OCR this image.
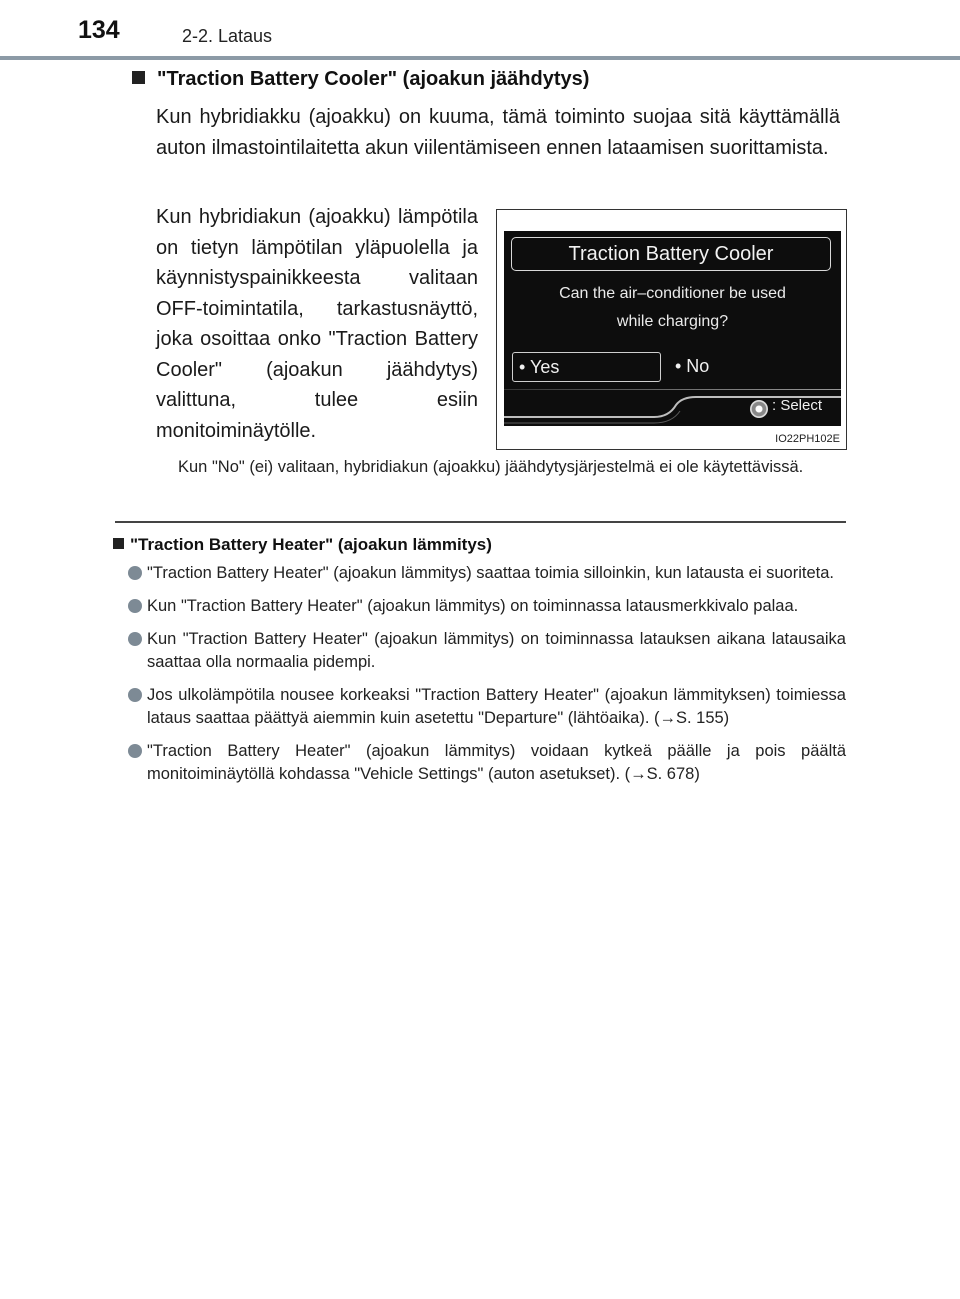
134	2-2. Lataus
"Traction Battery Cooler" (ajoakun jäähdytys)
Kun hybridiakku (ajoakku) on kuuma, tämä toiminto suojaa sitä käyttämällä auton ilmastointilaitetta akun viilentämiseen ennen lataamisen suorittamista.
Kun hybridiakun (ajoakku) lämpötila on tietyn lämpötilan yläpuolella ja käynnistyspainikkeesta valitaan OFF-toimintatila, tarkastusnäyttö, joka osoittaa onko "Traction Battery Cooler" (ajoakun jäähdytys) valittuna, tulee esiin monitoiminäytölle.
Traction Battery Cooler
Can the air–conditioner be used
while charging?
• Yes	• No
: Select
IO22PH102E
Kun "No" (ei) valitaan, hybridiakun (ajoakku) jäähdytysjärjestelmä ei ole käytettävissä.
"Traction Battery Heater" (ajoakun lämmitys)
"Traction Battery Heater" (ajoakun lämmitys) saattaa toimia silloinkin, kun latausta ei suoriteta.
Kun "Traction Battery Heater" (ajoakun lämmitys) on toiminnassa latausmerkkivalo palaa.
Kun "Traction Battery Heater" (ajoakun lämmitys) on toiminnassa latauksen aikana latausaika saattaa olla normaalia pidempi.
Jos ulkolämpötila nousee korkeaksi "Traction Battery Heater" (ajoakun lämmityksen) toimiessa lataus saattaa päättyä aiemmin kuin asetettu "Departure" (lähtöaika). (→S. 155)
"Traction Battery Heater" (ajoakun lämmitys) voidaan kytkeä päälle ja pois päältä monitoiminäytöllä kohdassa "Vehicle Settings" (auton asetukset). (→S. 678)
